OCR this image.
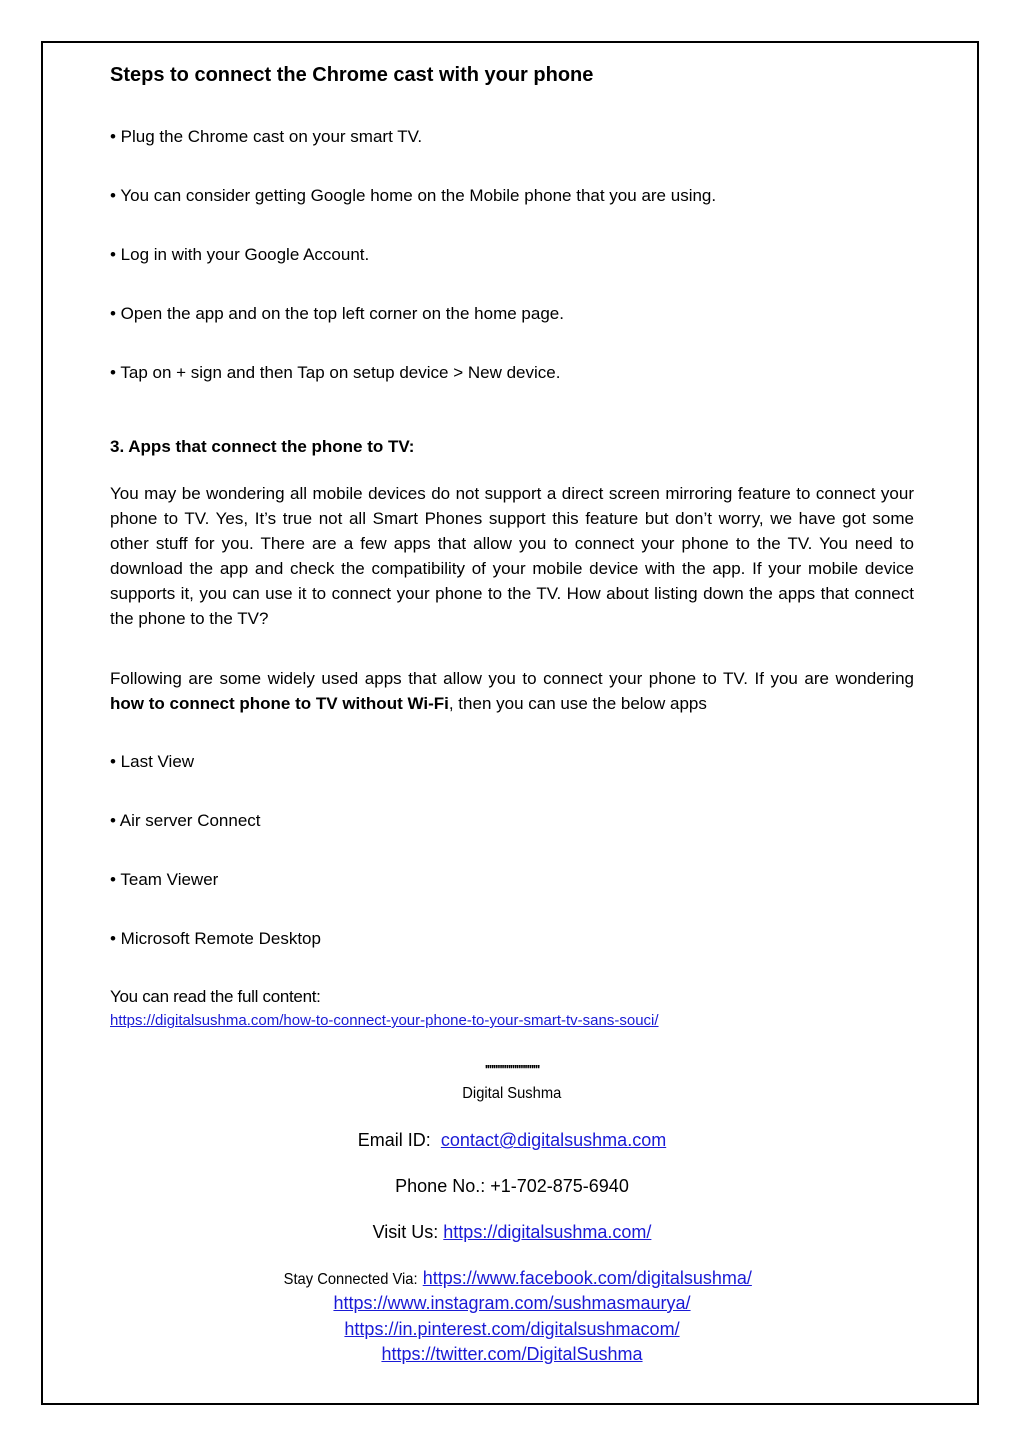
Steps to connect the Chrome cast with your phone

• Plug the Chrome cast on your smart TV.

• You can consider getting Google home on the Mobile phone that you are using.

• Log in with your Google Account.

• Open the app and on the top left corner on the home page.

• Tap on + sign and then Tap on setup device > New device.

3. Apps that connect the phone to TV:

You may be wondering all mobile devices do not support a direct screen mirroring feature to connect your phone to TV. Yes, It’s true not all Smart Phones support this feature but don’t worry, we have got some other stuff for you. There are a few apps that allow you to connect your phone to the TV. You need to download the app and check the compatibility of your mobile device with the app. If your mobile device supports it, you can use it to connect your phone to the TV. How about listing down the apps that connect the phone to the TV?

Following are some widely used apps that allow you to connect your phone to TV. If you are wondering how to connect phone to TV without Wi-Fi, then you can use the below apps

• Last View

• Air server Connect

• Team Viewer

• Microsoft Remote Desktop

You can read the full content:

https://digitalsushma.com/how-to-connect-your-phone-to-your-smart-tv-sans-souci/

''''''''''''''''''''''''''

Digital Sushma

Email ID: contact@digitalsushma.com

Phone No.: +1-702-875-6940

Visit Us: https://digitalsushma.com/

Stay Connected Via: https://www.facebook.com/digitalsushma/

https://www.instagram.com/sushmasmaurya/

https://in.pinterest.com/digitalsushmacom/

https://twitter.com/DigitalSushma
